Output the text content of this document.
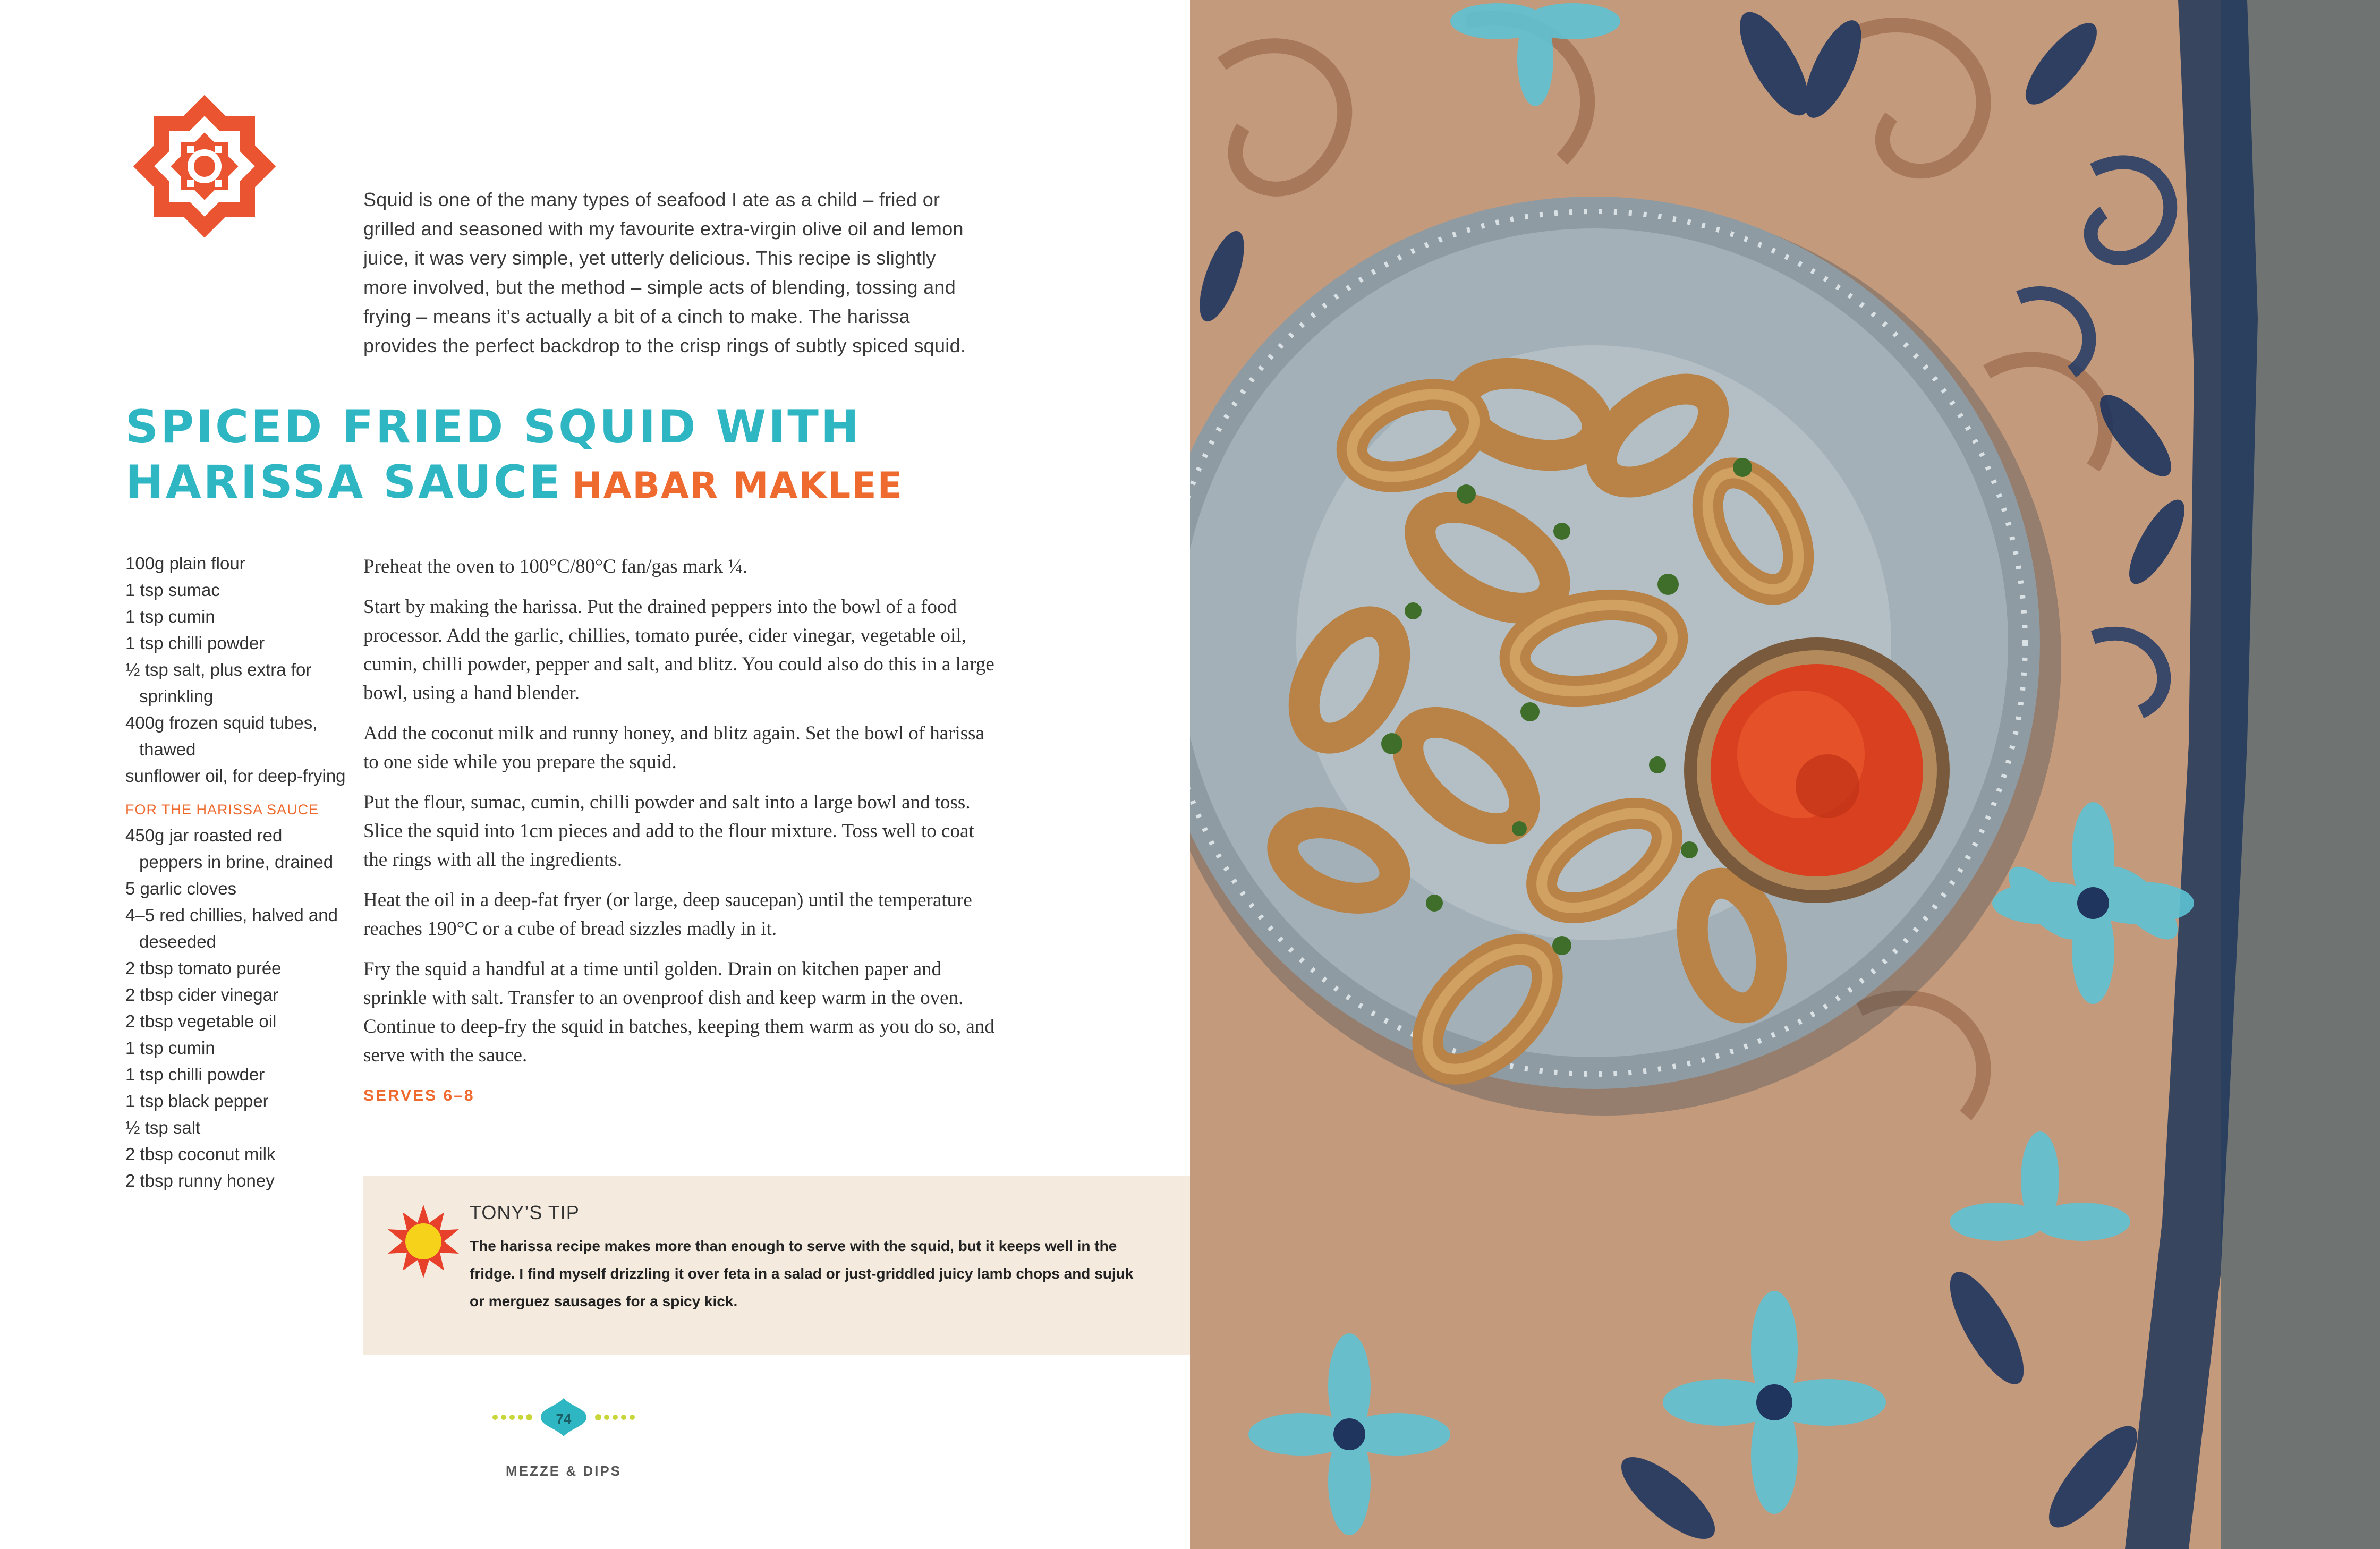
Squid is one of the many types of seafood I ate as a child – fried or grilled and seasoned with my favourite extra-virgin olive oil and lemon juice, it was very simple, yet utterly delicious. This recipe is slightly more involved, but the method – simple acts of blending, tossing and frying – means it’s actually a bit of a cinch to make. The harissa provides the perfect backdrop to the crisp rings of subtly spiced squid.

SPICED FRIED SQUID WITH
HARISSA SAUCE HABAR MAKLEE
100g plain flour
1 tsp sumac
1 tsp cumin
1 tsp chilli powder
½ tsp salt, plus extra for sprinkling
400g frozen squid tubes, thawed
sunflower oil, for deep-frying
FOR THE HARISSA SAUCE
450g jar roasted red peppers in brine, drained
5 garlic cloves
4–5 red chillies, halved and deseeded
2 tbsp tomato purée
2 tbsp cider vinegar
2 tbsp vegetable oil
1 tsp cumin
1 tsp chilli powder
1 tsp black pepper
½ tsp salt
2 tbsp coconut milk
2 tbsp runny honey

Preheat the oven to 100°C/80°C fan/gas mark ¼.

Start by making the harissa. Put the drained peppers into the bowl of a food processor. Add the garlic, chillies, tomato purée, cider vinegar, vegetable oil, cumin, chilli powder, pepper and salt, and blitz. You could also do this in a large bowl, using a hand blender.

Add the coconut milk and runny honey, and blitz again. Set the bowl of harissa to one side while you prepare the squid.

Put the flour, sumac, cumin, chilli powder and salt into a large bowl and toss. Slice the squid into 1cm pieces and add to the flour mixture. Toss well to coat the rings with all the ingredients.

Heat the oil in a deep-fat fryer (or large, deep saucepan) until the temperature reaches 190°C or a cube of bread sizzles madly in it.

Fry the squid a handful at a time until golden. Drain on kitchen paper and sprinkle with salt. Transfer to an ovenproof dish and keep warm in the oven. Continue to deep-fry the squid in batches, keeping them warm as you do so, and serve with the sauce.

SERVES 6–8
TONY’S TIP
The harissa recipe makes more than enough to serve with the squid, but it keeps well in the fridge. I find myself drizzling it over feta in a salad or just-griddled juicy lamb chops and sujuk or merguez sausages for a spicy kick.
74
MEZZE & DIPS
